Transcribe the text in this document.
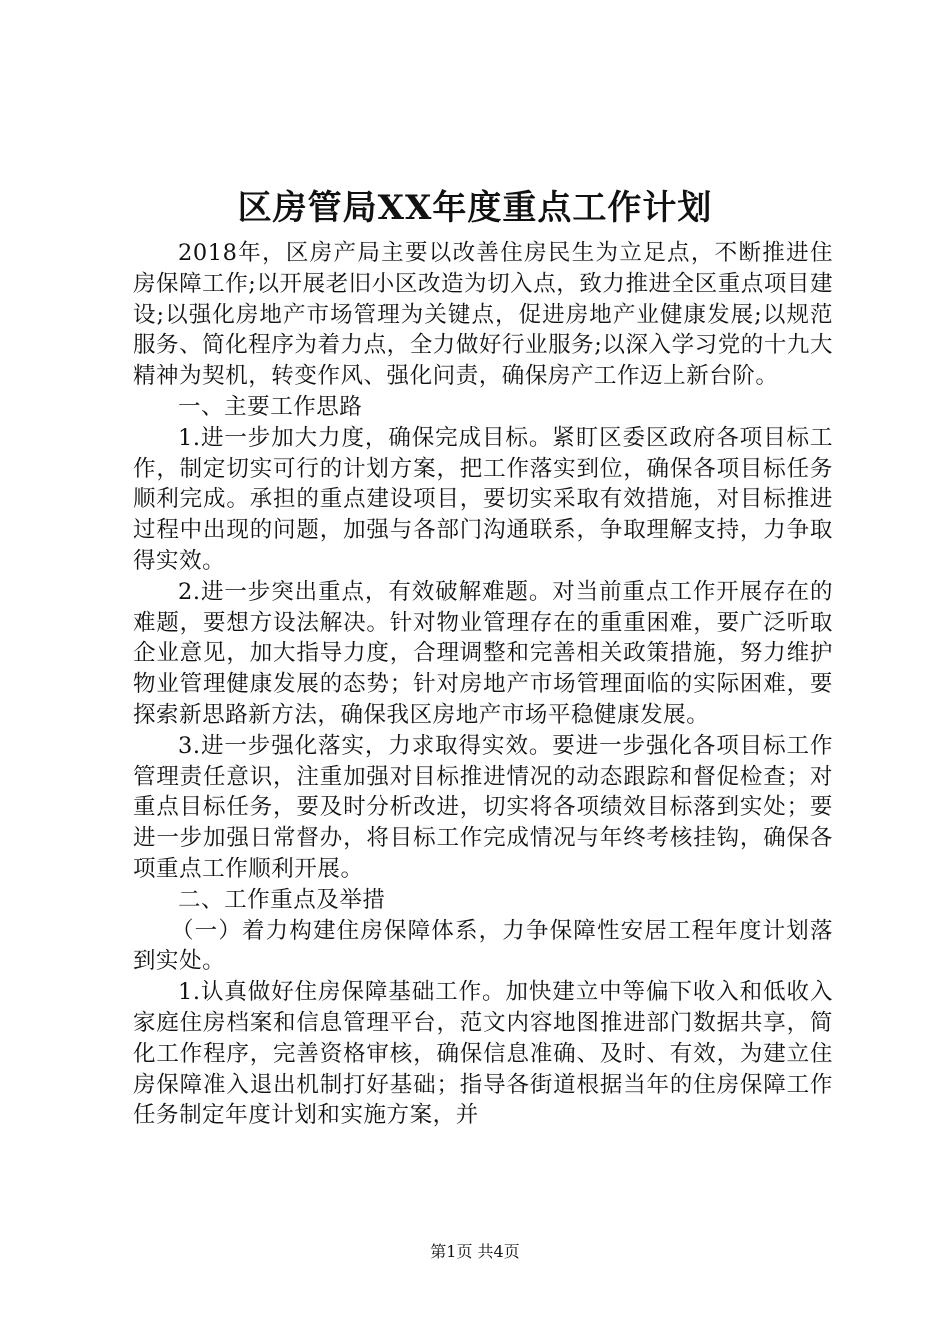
区房管局XX年度重点工作计划

2018年，区房产局主要以改善住房民生为立足点，不断推进住房保障工作;以开展老旧小区改造为切入点，致力推进全区重点项目建设;以强化房地产市场管理为关键点，促进房地产业健康发展;以规范服务、简化程序为着力点，全力做好行业服务;以深入学习党的十九大精神为契机，转变作风、强化问责，确保房产工作迈上新台阶。

一、主要工作思路

1.进一步加大力度，确保完成目标。紧盯区委区政府各项目标工作，制定切实可行的计划方案，把工作落实到位，确保各项目标任务顺利完成。承担的重点建设项目，要切实采取有效措施，对目标推进过程中出现的问题，加强与各部门沟通联系，争取理解支持，力争取得实效。

2.进一步突出重点，有效破解难题。对当前重点工作开展存在的难题，要想方设法解决。针对物业管理存在的重重困难，要广泛听取企业意见，加大指导力度，合理调整和完善相关政策措施，努力维护物业管理健康发展的态势；针对房地产市场管理面临的实际困难，要探索新思路新方法，确保我区房地产市场平稳健康发展。

3.进一步强化落实，力求取得实效。要进一步强化各项目标工作管理责任意识，注重加强对目标推进情况的动态跟踪和督促检查；对重点目标任务，要及时分析改进，切实将各项绩效目标落到实处；要进一步加强日常督办，将目标工作完成情况与年终考核挂钩，确保各项重点工作顺利开展。

二、工作重点及举措

（一）着力构建住房保障体系，力争保障性安居工程年度计划落到实处。

1.认真做好住房保障基础工作。加快建立中等偏下收入和低收入家庭住房档案和信息管理平台，范文内容地图推进部门数据共享，简化工作程序，完善资格审核，确保信息准确、及时、有效，为建立住房保障准入退出机制打好基础；指导各街道根据当年的住房保障工作任务制定年度计划和实施方案，并

第1页 共4页
